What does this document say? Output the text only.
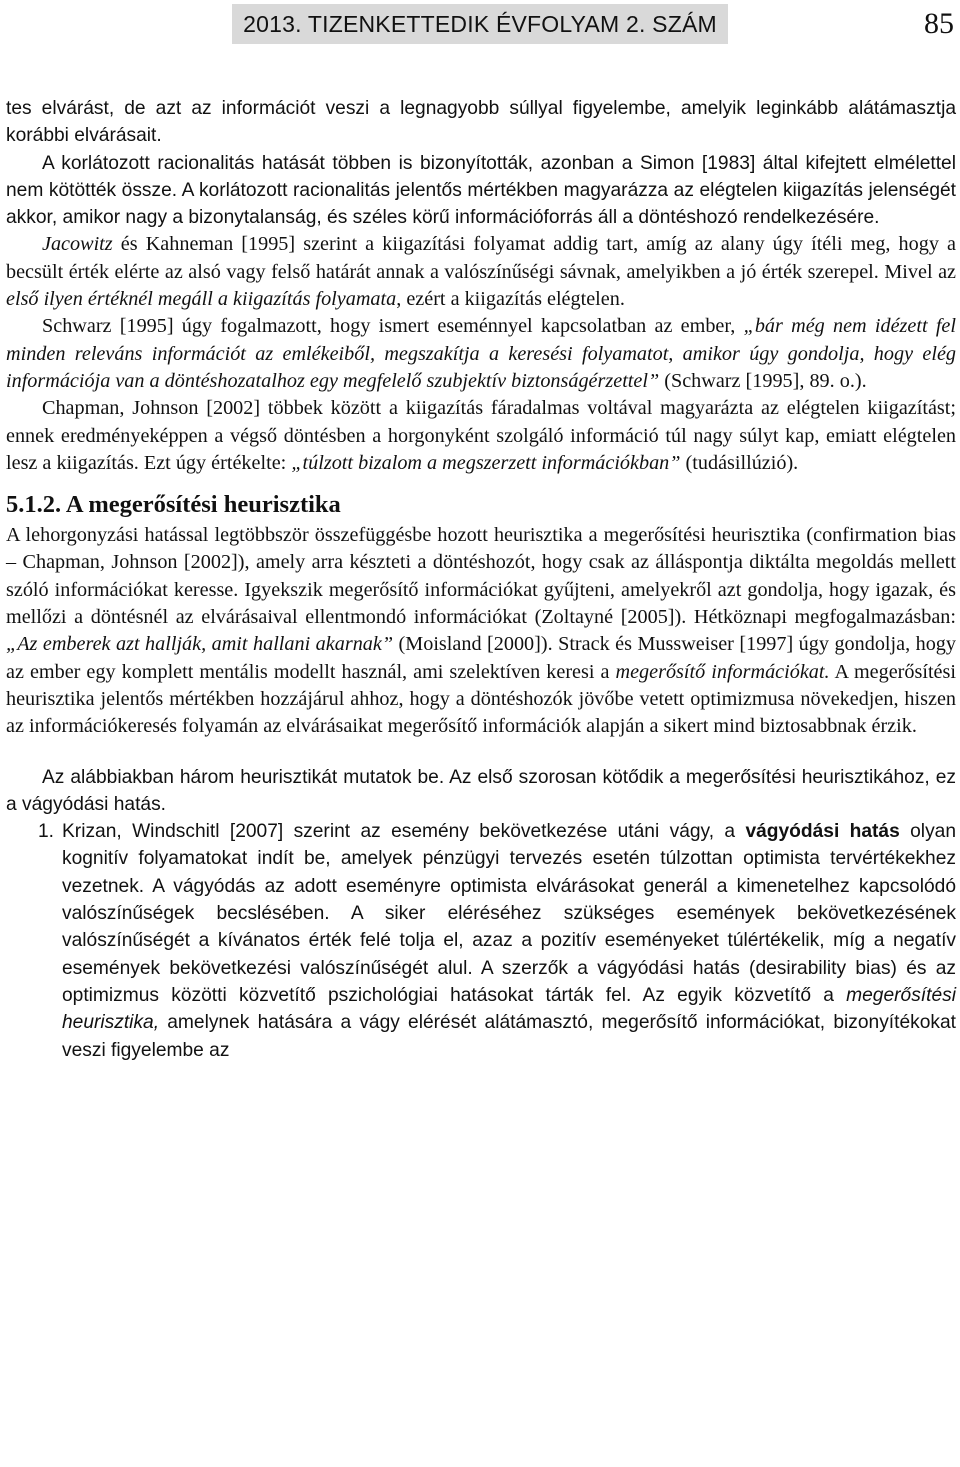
2013. TIZENKETTEDIK ÉVFOLYAM 2. SZÁM	85

tes elvárást, de azt az információt veszi a legnagyobb súllyal figyelembe, amelyik leginkább alátámasztja korábbi elvárásait.

A korlátozott racionalitás hatását többen is bizonyították, azonban a Simon [1983] által kifejtett elmélettel nem kötötték össze. A korlátozott racionalitás jelentős mértékben magyarázza az elégtelen kiigazítás jelenségét akkor, amikor nagy a bizonytalanság, és széles körű információforrás áll a döntéshozó rendelkezésére.

Jacowitz és Kahneman [1995] szerint a kiigazítási folyamat addig tart, amíg az alany úgy ítéli meg, hogy a becsült érték elérte az alsó vagy felső határát annak a valószínűségi sávnak, amelyikben a jó érték szerepel. Mivel az első ilyen értéknél megáll a kiigazítás folyamata, ezért a kiigazítás elégtelen.

Schwarz [1995] úgy fogalmazott, hogy ismert eseménnyel kapcsolatban az ember, „bár még nem idézett fel minden releváns információt az emlékeiből, megszakítja a keresési folyamatot, amikor úgy gondolja, hogy elég információja van a döntéshozatalhoz egy megfelelő szubjektív biztonságérzettel” (Schwarz [1995], 89. o.).

Chapman, Johnson [2002] többek között a kiigazítás fáradalmas voltával magyarázta az elégtelen kiigazítást; ennek eredményeképpen a végső döntésben a horgonyként szolgáló információ túl nagy súlyt kap, emiatt elégtelen lesz a kiigazítás. Ezt úgy értékelte: „túlzott bizalom a megszerzett információkban” (tudásillúzió).

5.1.2. A megerősítési heurisztika

A lehorgonyzási hatással legtöbbször összefüggésbe hozott heurisztika a megerősítési heurisztika (confirmation bias – Chapman, Johnson [2002]), amely arra készteti a döntéshozót, hogy csak az álláspontja diktálta megoldás mellett szóló információkat keresse. Igyekszik megerősítő információkat gyűjteni, amelyekről azt gondolja, hogy igazak, és mellőzi a döntésnél az elvárásaival ellentmondó információkat (Zoltayné [2005]). Hétköznapi megfogalmazásban: „Az emberek azt hallják, amit hallani akarnak” (Moisland [2000]). Strack és Mussweiser [1997] úgy gondolja, hogy az ember egy komplett mentális modellt használ, ami szelektíven keresi a megerősítő információkat. A megerősítési heurisztika jelentős mértékben hozzájárul ahhoz, hogy a döntéshozók jövőbe vetett optimizmusa növekedjen, hiszen az információkeresés folyamán az elvárásaikat megerősítő információk alapján a sikert mind biztosabbnak érzik.

Az alábbiakban három heurisztikát mutatok be. Az első szorosan kötődik a megerősítési heurisztikához, ez a vágyódási hatás.

1. Krizan, Windschitl [2007] szerint az esemény bekövetkezése utáni vágy, a vágyódási hatás olyan kognitív folyamatokat indít be, amelyek pénzügyi tervezés esetén túlzottan optimista tervértékekhez vezetnek. A vágyódás az adott eseményre optimista elvárásokat generál a kimenetelhez kapcsolódó valószínűségek becslésében. A siker eléréséhez szükséges események bekövetkezésének valószínűségét a kívánatos érték felé tolja el, azaz a pozitív eseményeket túlértékelik, míg a negatív események bekövetkezési valószínűségét alul. A szerzők a vágyódási hatás (desirability bias) és az optimizmus közötti közvetítő pszichológiai hatásokat tárták fel. Az egyik közvetítő a megerősítési heurisztika, amelynek hatására a vágy elérését alátámasztó, megerősítő információkat, bizonyítékokat veszi figyelembe az
